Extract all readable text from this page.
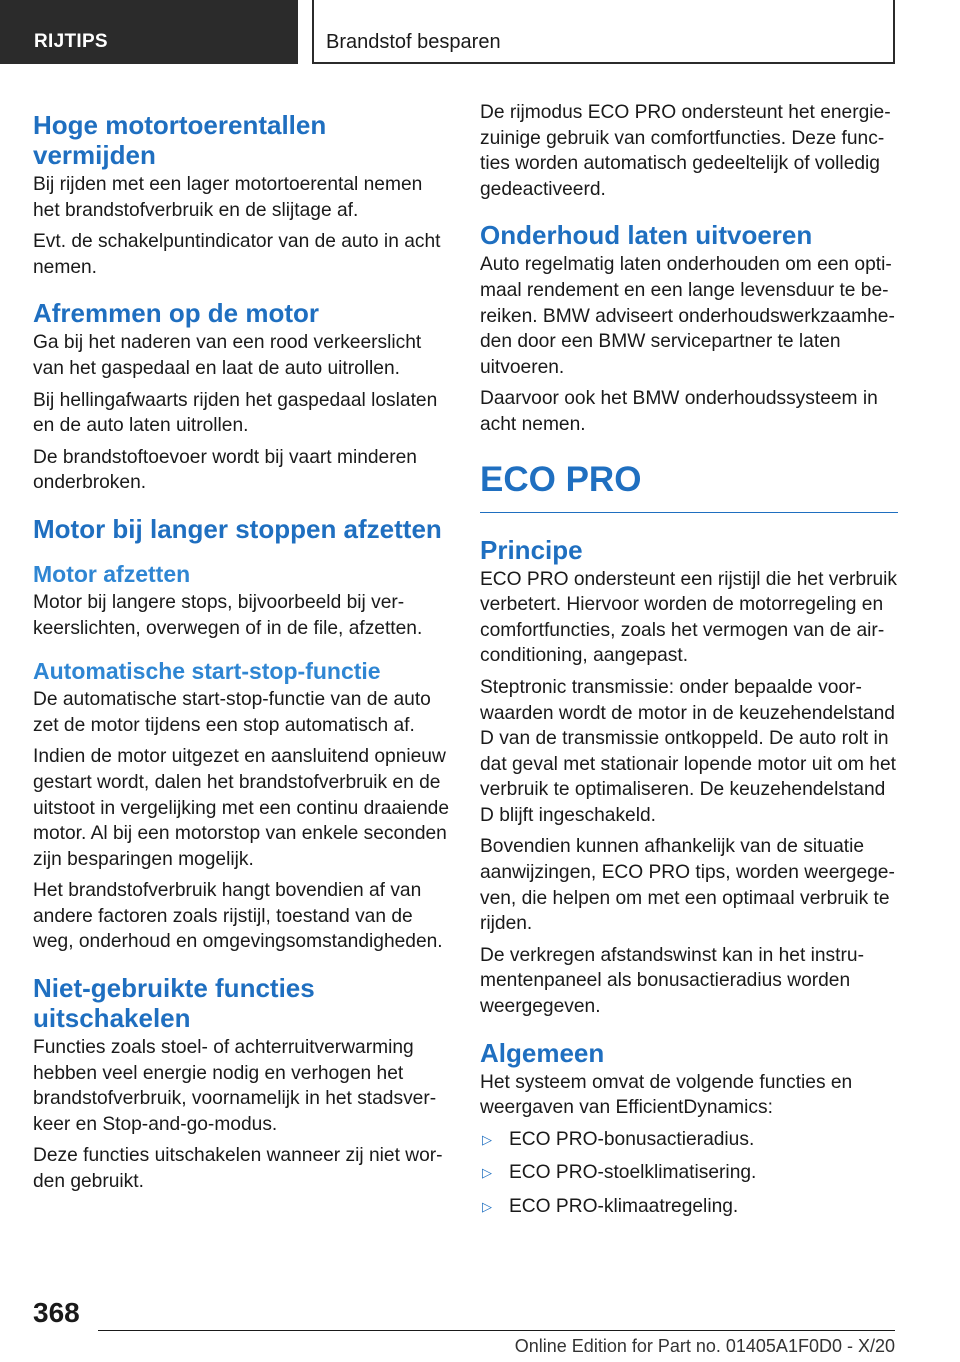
RIJTIPS	Brandstof besparen
Hoge motortoerentallen vermijden

Bij rijden met een lager motortoerental nemen het brandstofverbruik en de slijtage af.

Evt. de schakelpuntindicator van de auto in acht nemen.

Afremmen op de motor

Ga bij het naderen van een rood verkeerslicht van het gaspedaal en laat de auto uitrollen.

Bij hellingafwaarts rijden het gaspedaal loslaten en de auto laten uitrollen.

De brandstoftoevoer wordt bij vaart minderen onderbroken.

Motor bij langer stoppen afzetten
Motor afzetten

Motor bij langere stops, bijvoorbeeld bij verkeerslichten, overwegen of in de file, afzetten.

Automatische start-stop-functie

De automatische start-stop-functie van de auto zet de motor tijdens een stop automatisch af.

Indien de motor uitgezet en aansluitend opnieuw gestart wordt, dalen het brandstofverbruik en de uitstoot in vergelijking met een continu draaiende motor. Al bij een motorstop van enkele seconden zijn besparingen mogelijk.

Het brandstofverbruik hangt bovendien af van andere factoren zoals rijstijl, toestand van de weg, onderhoud en omgevingsomstandigheden.

Niet-gebruikte functies uitschakelen

Functies zoals stoel- of achterruitverwarming hebben veel energie nodig en verhogen het brandstofverbruik, voornamelijk in het stadsverkeer en Stop-and-go-modus.

Deze functies uitschakelen wanneer zij niet worden gebruikt.

De rijmodus ECO PRO ondersteunt het energiezuinige gebruik van comfortfuncties. Deze functies worden automatisch gedeeltelijk of volledig gedeactiveerd.

Onderhoud laten uitvoeren

Auto regelmatig laten onderhouden om een optimaal rendement en een lange levensduur te bereiken. BMW adviseert onderhoudswerkzaamheden door een BMW servicepartner te laten uitvoeren.

Daarvoor ook het BMW onderhoudssysteem in acht nemen.

ECO PRO
Principe

ECO PRO ondersteunt een rijstijl die het verbruik verbetert. Hiervoor worden de motorregeling en comfortfuncties, zoals het vermogen van de airconditioning, aangepast.

Steptronic transmissie: onder bepaalde voorwaarden wordt de motor in de keuzehendelstand D van de transmissie ontkoppeld. De auto rolt in dat geval met stationair lopende motor uit om het verbruik te optimaliseren. De keuzehendelstand D blijft ingeschakeld.

Bovendien kunnen afhankelijk van de situatie aanwijzingen, ECO PRO tips, worden weergegeven, die helpen om met een optimaal verbruik te rijden.

De verkregen afstandswinst kan in het instrumentenpaneel als bonusactieradius worden weergegeven.

Algemeen

Het systeem omvat de volgende functies en weergaven van EfficientDynamics:

▷ ECO PRO-bonusactieradius.
▷ ECO PRO-stoelklimatisering.
▷ ECO PRO-klimaatregeling.
368
Online Edition for Part no. 01405A1F0D0 - X/20
